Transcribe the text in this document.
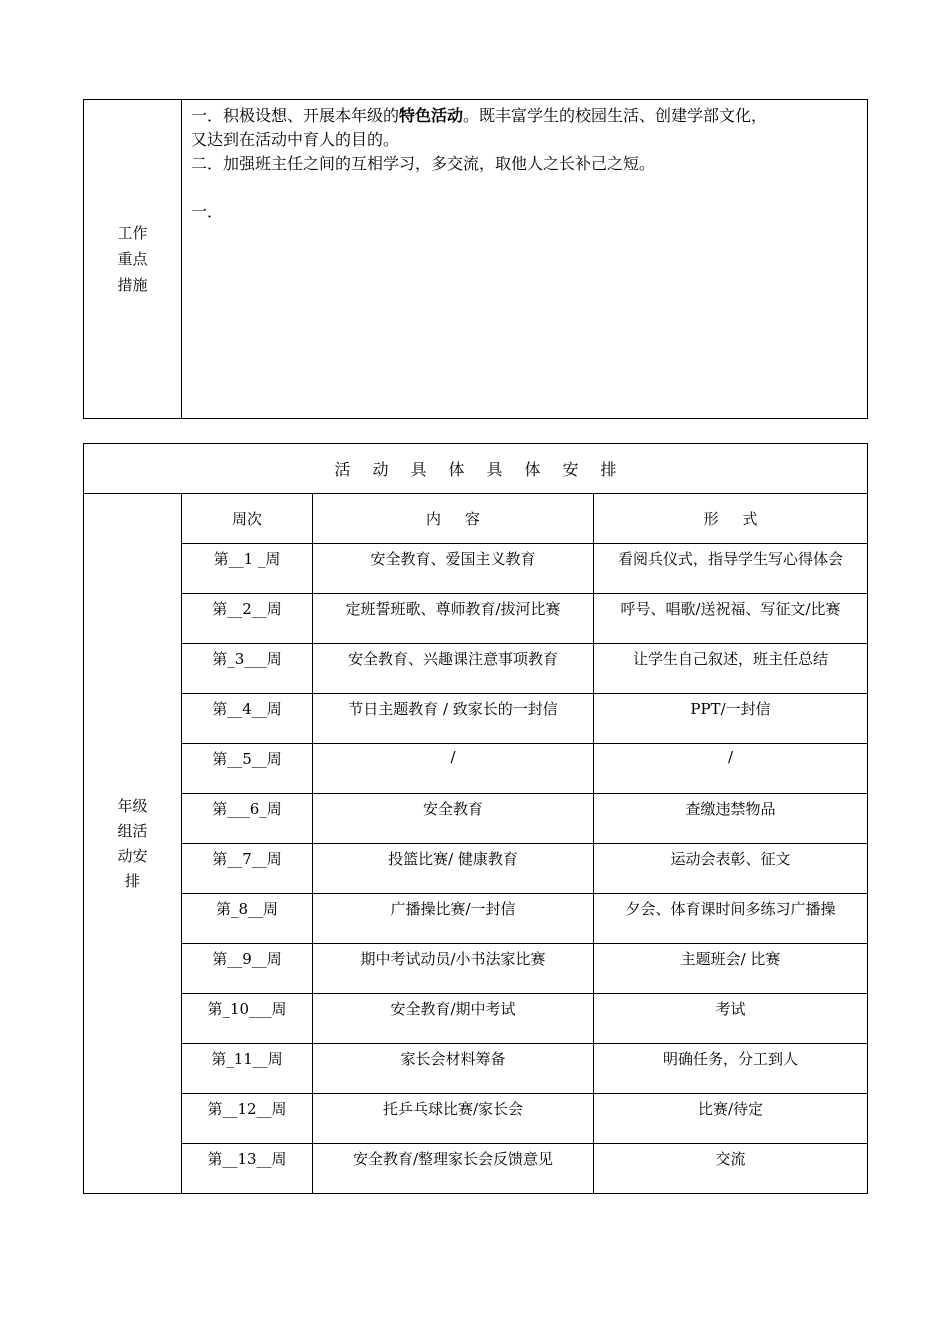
工作
重点
措施

一．积极设想、开展本年级的特色活动。既丰富学生的校园生活、创建学部文化，

又达到在活动中育人的目的。

二．加强班主任之间的互相学习，多交流，取他人之长补己之短。

一．

活动具体具体安排			

年级
组活
动安
排	周次	内容	形式
	第__1 _周	安全教育、爱国主义教育	看阅兵仪式，指导学生写心得体会
	第__2__周	定班誓班歌、尊师教育/拔河比赛	呼号、唱歌/送祝福、写征文/比赛
	第_3___周	安全教育、兴趣课注意事项教育	让学生自己叙述，班主任总结
	第__4__周	节日主题教育 / 致家长的一封信	PPT/一封信
	第__5__周	/	/
	第___6_周	安全教育	查缴违禁物品
	第__7__周	投篮比赛/ 健康教育	运动会表彰、征文
	第_8__周	广播操比赛/一封信	夕会、体育课时间多练习广播操
	第__9__周	期中考试动员/小书法家比赛	主题班会/ 比赛
	第_10___周	安全教育/期中考试	考试
	第_11__周	家长会材料筹备	明确任务，分工到人
	第__12__周	托乒乓球比赛/家长会	比赛/待定
	第__13__周	安全教育/整理家长会反馈意见	交流
